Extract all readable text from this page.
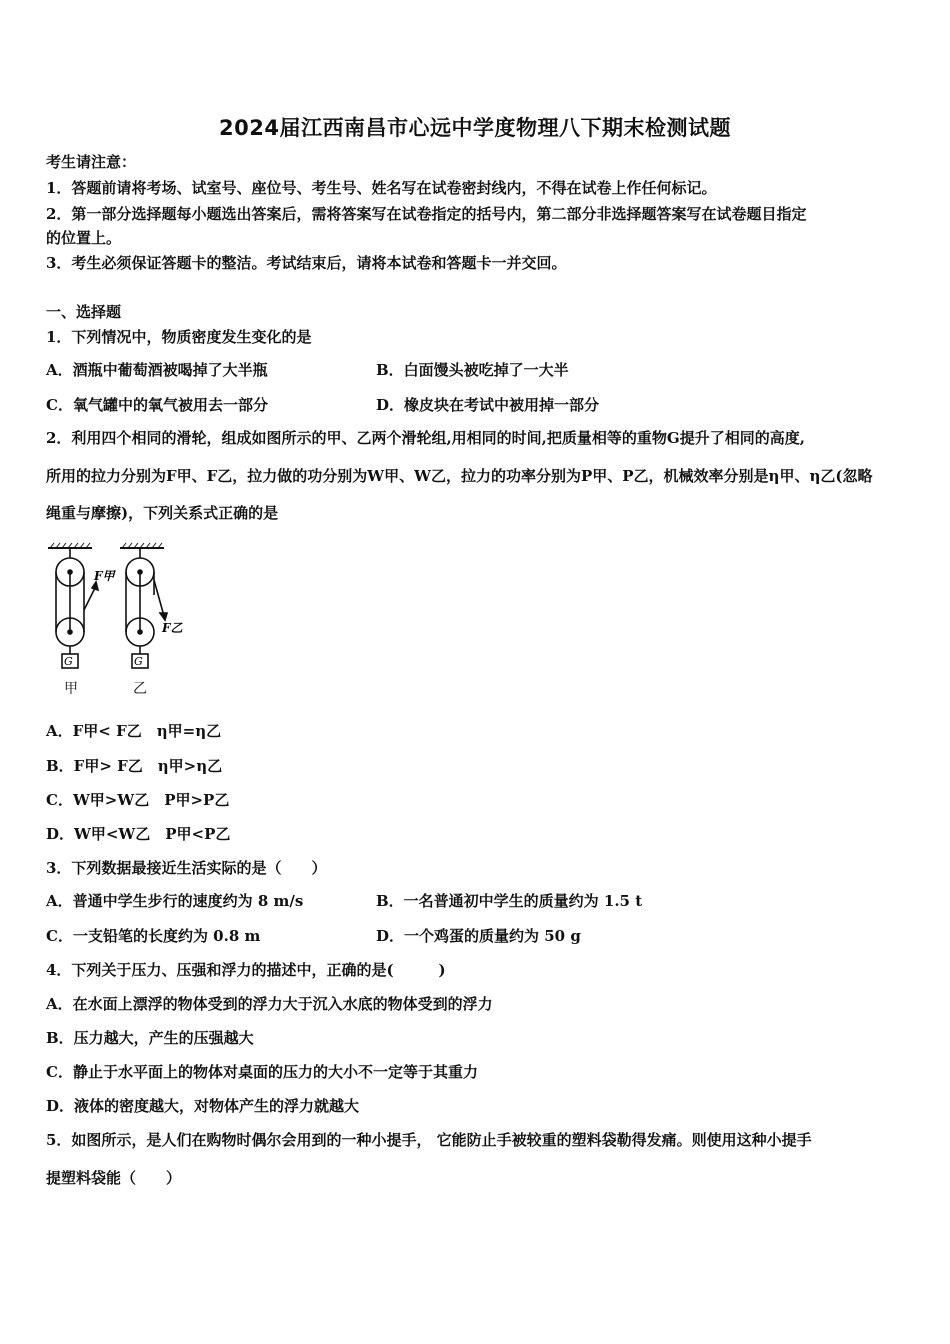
2024届江西南昌市心远中学度物理八下期末检测试题
考生请注意：
1．答题前请将考场、试室号、座位号、考生号、姓名写在试卷密封线内，不得在试卷上作任何标记。
2．第一部分选择题每小题选出答案后，需将答案写在试卷指定的括号内，第二部分非选择题答案写在试卷题目指定
的位置上。
3．考生必须保证答题卡的整洁。考试结束后，请将本试卷和答题卡一并交回。
一、选择题
1．下列情况中，物质密度发生变化的是
A．酒瓶中葡萄酒被喝掉了大半瓶	B．白面馒头被吃掉了一大半
C．氧气罐中的氧气被用去一部分	D．橡皮块在考试中被用掉一部分
2．利用四个相同的滑轮，组成如图所示的甲、乙两个滑轮组,用相同的时间,把质量相等的重物G提升了相同的高度,
所用的拉力分别为F甲、F乙，拉力做的功分别为W甲、W乙，拉力的功率分别为P甲、P乙，机械效率分别是η甲、η乙(忽略
绳重与摩擦)，下列关系式正确的是
G
F甲
G
F乙
甲	乙
A．F甲< F乙　η甲=η乙
B．F甲> F乙　η甲>η乙
C．W甲>W乙　P甲>P乙
D．W甲<W乙　P甲<P乙
3．下列数据最接近生活实际的是（　　）
A．普通中学生步行的速度约为 8 m/s	B．一名普通初中学生的质量约为 1.5 t
C．一支铅笔的长度约为 0.8 m	D．一个鸡蛋的质量约为 50 g
4．下列关于压力、压强和浮力的描述中，正确的是(　　　)
A．在水面上漂浮的物体受到的浮力大于沉入水底的物体受到的浮力
B．压力越大，产生的压强越大
C．静止于水平面上的物体对桌面的压力的大小不一定等于其重力
D．液体的密度越大，对物体产生的浮力就越大
5．如图所示，是人们在购物时偶尔会用到的一种小提手， 它能防止手被较重的塑料袋勒得发痛。则使用这种小提手
提塑料袋能（　　）
